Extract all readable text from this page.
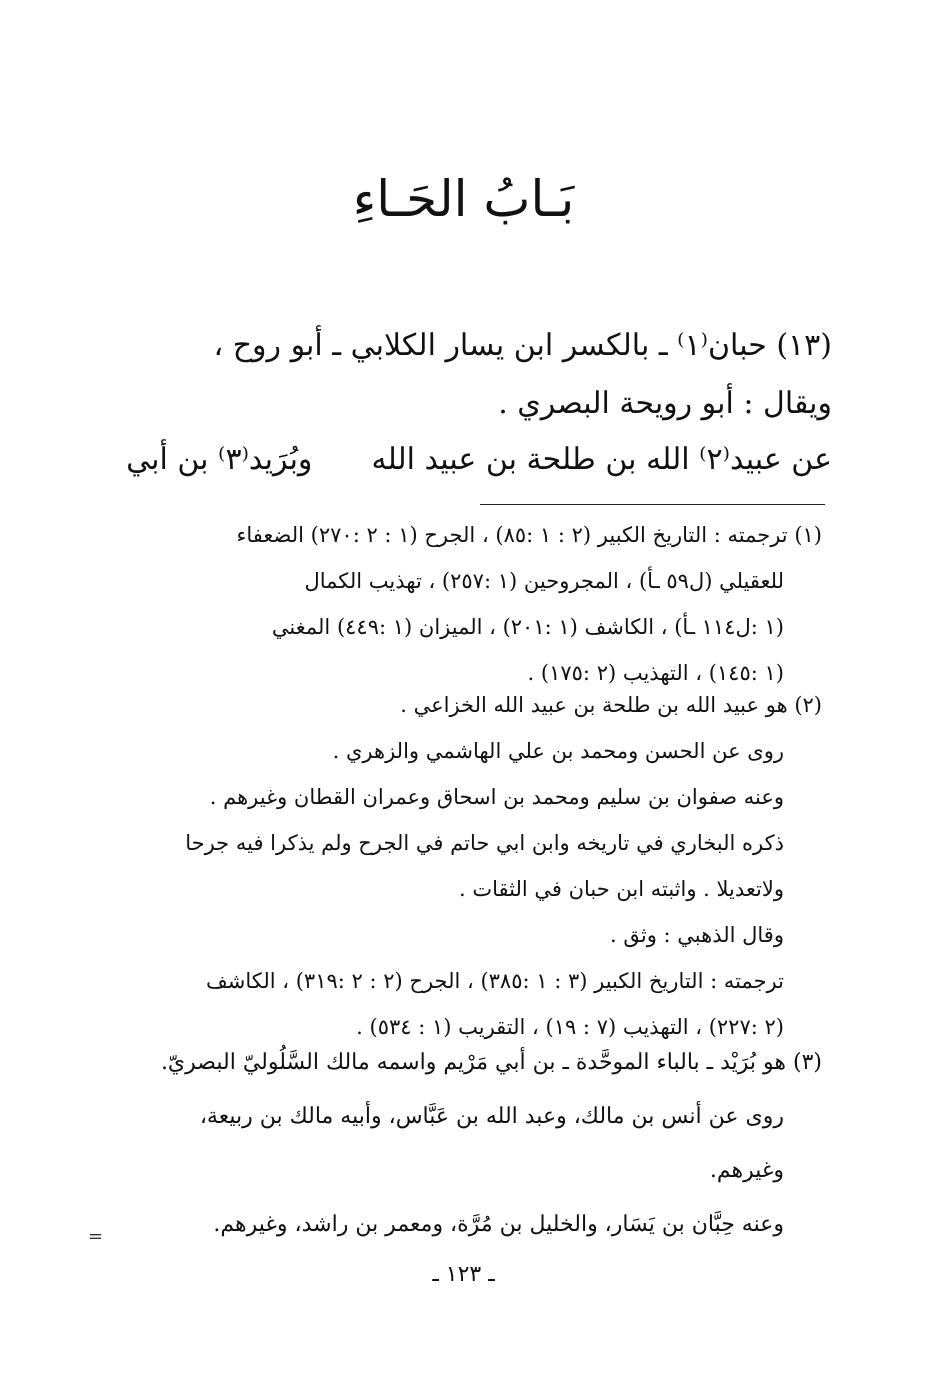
بَـابُ الحَـاءِ
(١٣) حبان⁽١⁾ ـ بالكسر ابن يسار الكلابي ـ أبو روح ،
ويقال : أبو رويحة البصري .
عن عبيد⁽٢⁾ الله بن طلحة بن عبيد الله  وبُرَيد⁽٣⁾ بن أبي
(١) ترجمته : التاريخ الكبير (٢ : ١ :٨٥) ، الجرح (١ : ٢ :٢٧٠) الضعفاء
للعقيلي (ل٥٩ ـأ) ، المجروحين (١ :٢٥٧) ، تهذيب الكمال
(١ :ل١١٤ ـأ) ، الكاشف (١ :٢٠١) ، الميزان (١ :٤٤٩) المغني
(١ :١٤٥) ، التهذيب (٢ :١٧٥) .
(٢) هو عبيد الله بن طلحة بن عبيد الله الخزاعي .
روى عن الحسن ومحمد بن علي الهاشمي والزهري .
وعنه صفوان بن سليم ومحمد بن اسحاق وعمران القطان وغيرهم .
ذكره البخاري في تاريخه وابن ابي حاتم في الجرح ولم يذكرا فيه جرحا
ولاتعديلا . واثبته ابن حبان في الثقات .
وقال الذهبي : وثق .
ترجمته : التاريخ الكبير (٣ : ١ :٣٨٥) ، الجرح (٢ : ٢ :٣١٩) ، الكاشف
(٢ :٢٢٧) ، التهذيب (٧ : ١٩) ، التقريب (١ : ٥٣٤) .
(٣) هو بُرَيْد ـ بالباء الموحَّدة ـ بن أبي مَرْيم واسمه مالك السَّلُوليّ البصريّ.
روى عن أنس بن مالك، وعبد الله بن عَبَّاس، وأبيه مالك بن ربيعة،
وغيرهم.
وعنه حِبَّان بن يَسَار، والخليل بن مُرَّة، ومعمر بن راشد، وغيرهم.
=
ـ ١٢٣ ـ
